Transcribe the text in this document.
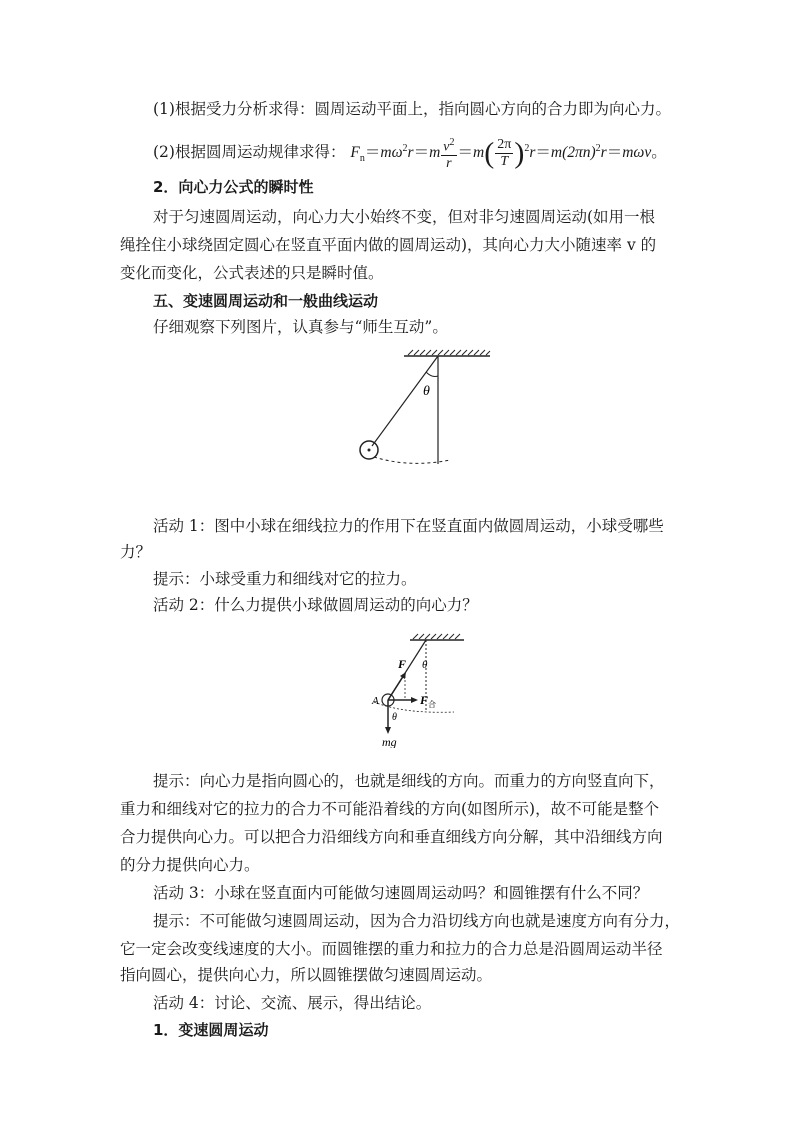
(1)根据受力分析求得：圆周运动平面上，指向圆心方向的合力即为向心力。
(2)根据圆周运动规律求得： $F_n=m\omega^2r=m \frac{v^2}{r} =m( \frac{2\pi}{T} )^2r=m(2\pi n)^2r=m\omega v$。
2．向心力公式的瞬时性
对于匀速圆周运动，向心力大小始终不变，但对非匀速圆周运动(如用一根
绳拴住小球绕固定圆心在竖直平面内做的圆周运动)，其向心力大小随速率 v 的
变化而变化，公式表述的只是瞬时值。
五、变速圆周运动和一般曲线运动
仔细观察下列图片，认真参与“师生互动”。
θ
活动 1：图中小球在细线拉力的作用下在竖直面内做圆周运动，小球受哪些
力？
提示：小球受重力和细线对它的拉力。
活动 2：什么力提供小球做圆周运动的向心力？
F θ
A	F 合
θ
mg
提示：向心力是指向圆心的，也就是细线的方向。而重力的方向竖直向下，
重力和细线对它的拉力的合力不可能沿着线的方向(如图所示)，故不可能是整个
合力提供向心力。可以把合力沿细线方向和垂直细线方向分解，其中沿细线方向
的分力提供向心力。
活动 3：小球在竖直面内可能做匀速圆周运动吗？和圆锥摆有什么不同？
提示：不可能做匀速圆周运动，因为合力沿切线方向也就是速度方向有分力，
它一定会改变线速度的大小。而圆锥摆的重力和拉力的合力总是沿圆周运动半径
指向圆心，提供向心力，所以圆锥摆做匀速圆周运动。
活动 4：讨论、交流、展示，得出结论。
1．变速圆周运动
